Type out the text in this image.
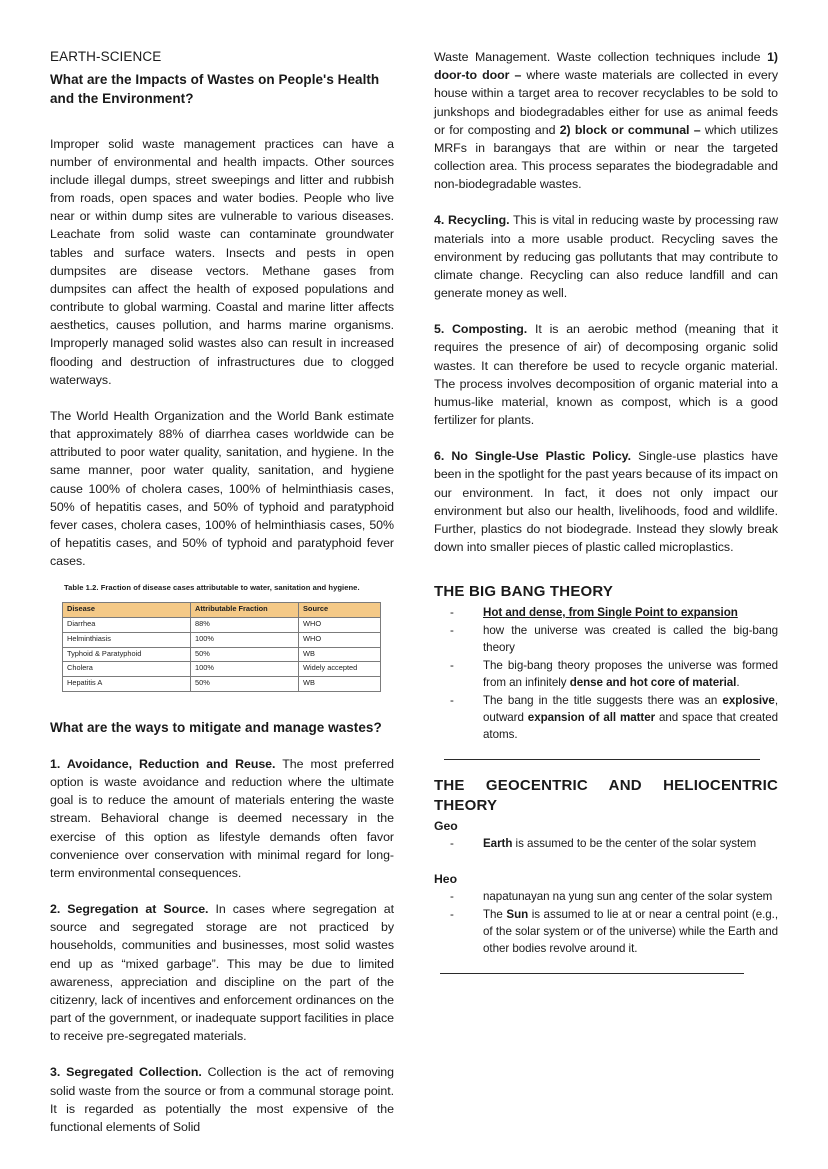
EARTH-SCIENCE
What are the Impacts of Wastes on People's Health and the Environment?

Improper solid waste management practices can have a number of environmental and health impacts. Other sources include illegal dumps, street sweepings and litter and rubbish from roads, open spaces and water bodies. People who live near or within dump sites are vulnerable to various diseases. Leachate from solid waste can contaminate groundwater tables and surface waters. Insects and pests in open dumpsites are disease vectors. Methane gases from dumpsites can affect the health of exposed populations and contribute to global warming. Coastal and marine litter affects aesthetics, causes pollution, and harms marine organisms. Improperly managed solid wastes also can result in increased flooding and destruction of infrastructures due to clogged waterways.

The World Health Organization and the World Bank estimate that approximately 88% of diarrhea cases worldwide can be attributed to poor water quality, sanitation, and hygiene. In the same manner, poor water quality, sanitation, and hygiene cause 100% of cholera cases, 100% of helminthiasis cases, 50% of hepatitis cases, and 50% of typhoid and paratyphoid fever cases, cholera cases, 100% of helminthiasis cases, 50% of hepatitis cases, and 50% of typhoid and paratyphoid fever cases.

Table 1.2. Fraction of disease cases attributable to water, sanitation and hygiene.
Disease	Attributable Fraction	Source
Diarrhea	88%	WHO
Helminthiasis	100%	WHO
Typhoid & Paratyphoid	50%	WB
Cholera	100%	Widely accepted
Hepatitis A	50%	WB
What are the ways to mitigate and manage wastes?

1. Avoidance, Reduction and Reuse. The most preferred option is waste avoidance and reduction where the ultimate goal is to reduce the amount of materials entering the waste stream. Behavioral change is deemed necessary in the exercise of this option as lifestyle demands often favor convenience over conservation with minimal regard for long-term environmental consequences.

2. Segregation at Source. In cases where segregation at source and segregated storage are not practiced by households, communities and businesses, most solid wastes end up as “mixed garbage”. This may be due to limited awareness, appreciation and discipline on the part of the citizenry, lack of incentives and enforcement ordinances on the part of the government, or inadequate support facilities in place to receive pre-segregated materials.

3. Segregated Collection. Collection is the act of removing solid waste from the source or from a communal storage point. It is regarded as potentially the most expensive of the functional elements of Solid

Waste Management. Waste collection techniques include 1) door-to door – where waste materials are collected in every house within a target area to recover recyclables to be sold to junkshops and biodegradables either for use as animal feeds or for composting and 2) block or communal – which utilizes MRFs in barangays that are within or near the targeted collection area. This process separates the biodegradable and non-biodegradable wastes.

4. Recycling. This is vital in reducing waste by processing raw materials into a more usable product. Recycling saves the environment by reducing gas pollutants that may contribute to climate change. Recycling can also reduce landfill and can generate money as well.

5. Composting. It is an aerobic method (meaning that it requires the presence of air) of decomposing organic solid wastes. It can therefore be used to recycle organic material. The process involves decomposition of organic material into a humus-like material, known as compost, which is a good fertilizer for plants.

6. No Single-Use Plastic Policy. Single-use plastics have been in the spotlight for the past years because of its impact on our environment. In fact, it does not only impact our environment but also our health, livelihoods, food and wildlife. Further, plastics do not biodegrade. Instead they slowly break down into smaller pieces of plastic called microplastics.

THE BIG BANG THEORY
-	Hot and dense, from Single Point to expansion
-	how the universe was created is called the big-bang theory
-	The big-bang theory proposes the universe was formed from an infinitely dense and hot core of material.
-	The bang in the title suggests there was an explosive, outward expansion of all matter and space that created atoms.
THE GEOCENTRIC AND HELIOCENTRIC THEORY
Geo
-	Earth is assumed to be the center of the solar system
Heo
-	napatunayan na yung sun ang center of the solar system
-	The Sun is assumed to lie at or near a central point (e.g., of the solar system or of the universe) while the Earth and other bodies revolve around it.
